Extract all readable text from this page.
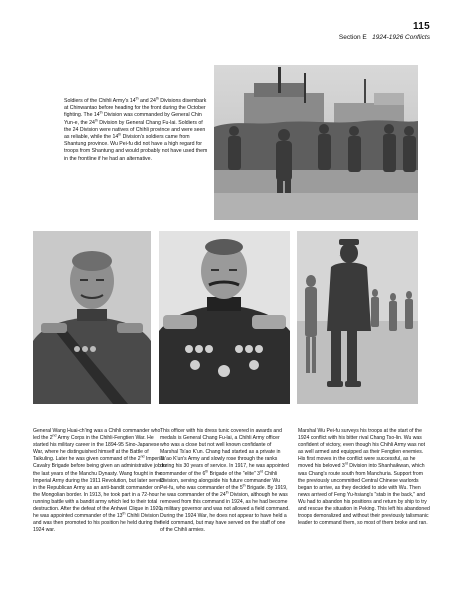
115
Section E 1924-1926 Conflicts
Soldiers of the Chihli Army's 14th and 24th Divisions disembark at Chinwantao before heading for the front during the October fighting. The 14th Division was commanded by General Chin Yun-e, the 24th Division by General Chang Fu-lai. Soldiers of the 24 Division were natives of Chihli province and were seen as reliable, while the 14th Division's soldiers came from Shantung province. Wu Pei-fu did not have a high regard for troops from Shantung and would probably not have used them in the frontline if he had an alternative.
General Wang Huai-ch'ing was a Chihli commander who led the 2nd Army Corps in the Chihli-Fengtien War. He started his military career in the 1894-95 Sino-Japanese War, where he distinguished himself at the Battle of Taikuling. Later he was given command of the 2nd Imperial Cavalry Brigade before being given an administrative job in the last years of the Manchu Dynasty. Wang fought in the Imperial Army during the 1911 Revolution, but later served in the Republican Army as an anti-bandit commander on the Mongolian border. In 1913, he took part in a 72-hour running battle with a bandit army which led to their total destruction. After the defeat of the Anhwei Clique in 1920, he was appointed commander of the 13th Chihli Division and was then promoted to his position he held during the 1924 war.
This officer with his dress tunic covered in awards and medals is General Chang Fu-lai, a Chihli Army officer who was a close but not well known confidante of Marshal Ts'ao K'un. Chang had started as a private in Ts'ao K'un's Army and slowly rose through the ranks during his 30 years of service. In 1917, he was appointed commander of the 6th Brigade of the "elite" 3rd Chihli Division, serving alongside his future commander Wu Pei-fu, who was commander of the 5th Brigade. By 1919, he was commander of the 24th Division, although he was removed from this command in 1924, as he had become a military governor and was not allowed a field command. During the 1924 War, he does not appear to have held a field command, but may have served on the staff of one of the Chihli armies.
Marshal Wu Pei-fu surveys his troops at the start of the 1924 conflict with his bitter rival Chang Tso-lin. Wu was confident of victory, even though his Chihli Army was not as well armed and equipped as their Fengtien enemies. His first moves in the conflict were successful, as he moved his beloved 3rd Division into Shanhaikwan, which was Chang's route south from Manchuria. Support from the previously uncommitted Central Chinese warlords began to arrive, as they decided to side with Wu. Then news arrived of Feng Yu-hsiang's "stab in the back," and Wu had to abandon his positions and return by ship to try and rescue the situation in Peking. This left his abandoned troops demoralized and without their previously talismanic leader to command them, so most of them broke and ran.
